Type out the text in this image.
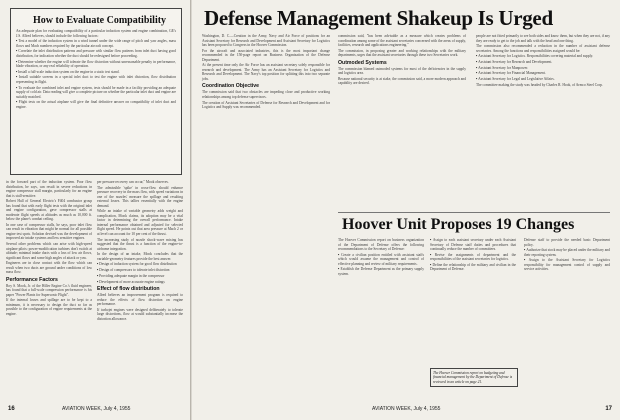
How to Evaluate Compatibility

An adequate plan for evaluating compatibility of a particular induction system and engine combination, GE's J.S. Allred believes, should include the following factors:

• Test a model of the induction system in a wind tunnel under the wide range of pitch and yaw angles, mass flows and Mach numbers required by the particular aircraft concept.

• Correlate the inlet distribution patterns and pressure with similar flow patterns from inlet duct having good distribution, for indication whether the duct should be redesigned before proceeding.

• Determine whether the engine will tolerate the flow distortion without unreasonable penalty in performance, blade vibration, or any real reliability of operation.

• Install a full-scale induction system on the engine in a static test stand.

• Install suitable screens in a special inlet duct to test the engine with inlet distortion, flow distribution representing in flight.

• To evaluate the combined inlet and engine system, tests should be made in a facility providing an adequate supply of cold air. Data reading will give a complete picture on whether the particular inlet duct and engine are suitably matched.

• Flight tests on the actual airplane will give the final definitive answer on compatibility of inlet duct and engine.

in the forward part of the induction system. Poor flow distribution, he says, can result in severe reductions in engine compressor stall margin, particularly for an engine that is stall-sensitive.

Robert Hall of General Electric's F404 combustor group has found that with early flight tests with the original inlet and engine configuration, gave compressor stalls at moderate flight speeds at altitudes as much as 10,000 ft. below the plane's combat ceiling.

In one case of compressor stalls, he says, poor inlet flow can result in vibration that might be normal for all possible engine test spots. Solution devised was the development of improved air intake systems and less sensitive engines.

Several other problems which can arise with high-speed airplane pilots: power-modification turbines don't switch at altitude; minimal intake ducts with a loss of low air flows, significant flows and some high angles of attack or yaw.

Engineers are in close contact with the flow which can result when two ducts are ground under conditions of low mass flow.

Performance Factors

Roy S. Mook, Jr. of the Hiller Engine Co.'s fluid engineer, has found that a full-scale compression performance is his paper "Power Plants for Supersonic Flight".

If the internal losses and spillage are to be kept to a minimum, it is necessary to design the duct so far as possible to the configuration of engine requirements at the engine.

per pressure recovery can occur," Mook observes.

The admissible 'spike' in cross-flow should enhance pressure recovery in the mass flow, with speed variations in one of the nozzles' measure the spillage and resulting external losses. This tallies essentially with the engine demand.

While an intake of variable geometry adds weight and complication, Mook claims, its adoption may be a vital factor in determining the overall performance. Intake internal performance obtained and adjusted for selected flight speed. He points out that area pressure at Mach 2 or at level can account for 10 per cent of the thrust.

The increasing study of nozzle shock-wave mixing has suggested that the thrust is a function of the engine-to-airframe integration.

In the design of an intake, Mook concludes that the variable-geometry features provide the best answer.

• Design of induction system for good flow distribution

• Design of compressors to tolerate inlet distortion

• Providing adequate margin in the compressor

• Development of more accurate engine ratings

Effect of flow distribution

Allred believes an improvement program is required to reduce the effects of flow distortion on engine performance.

If turbojet engines were designed deliberately to tolerate large distortions, flow at would substantially increase the distortion allowance.

16	AVIATION WEEK, July 4, 1955
Defense Management Shakeup Is Urged

Washington, D. C.—Creation in the Army, Navy and Air Force of positions for an Assistant Secretary for Research and Development and Assistant Secretary for Logistics has been proposed to Congress in the Hoover Commission.

For the aircraft and associated industries, this is the most important change recommended in the 150-page report on Business Organization of the Defense Department.

At the present time only the Air Force has an assistant secretary solely responsible for research and development. The Army has an Assistant Secretary for Logistics and Research and Development. The Navy's top position for splitting this into two separate jobs.

Coordination Objective

The commission said that two obstacles are impeding close and productive working relationships among top defense supervisors.

The creation of Assistant Secretaries of Defense for Research and Development and for Logistics and Supply was recommended.

commission said, "has been advisable as a measure which creates problems of coordination among some of the assistant secretaries concerned with the areas of supply, facilities, research and applications engineering."

The commission, in proposing greater and working relationships with the military departments, urges that the assistant secretaries through these two Secretaries work.

Outmoded Systems

The commission blamed outmoded systems for most of the deficiencies in the supply and logistics area.

Because national security is at stake, the commission said, a more modern approach and capability are desired.

people are not fitted primarily to see both sides and know them, but when they are not, if any they are ready to get to the job and talk with the head and one thing.

The commission also recommended a reduction in the number of assistant defense secretaries. Among the functions and responsibilities assigned would be:

• Assistant Secretary for Logistics. Responsibilities covering material and supply.

• Assistant Secretary for Research and Development.

• Assistant Secretary for Manpower.

• Assistant Secretary for Financial Management.

• Assistant Secretary for Legal and Legislative Affairs.

The committee making the study was headed by Charles R. Hook, of Armco Steel Corp.

Hoover Unit Proposes 19 Changes

The Hoover Commission report on business organization of the Department of Defense offers the following recommendations to the Secretary of Defense:

• Create a civilian position entitled with assistant staffs which would assume the management and control of effective planning and review of military requirements.

• Establish the Defense Department as the primary supply system.

• Assign to each assistant secretary under each Assistant Secretary of Defense staff duties and procedures that continually reduce the number of committees.

• Revise the assignments of department and the responsibilities of the assistant secretaries for logistics.

• Define the relationship of the military and civilian in the Department of Defense.

Defense staff to provide the needed basic Department policy.

• Authorize that stock may be placed under the military and their reporting system.

• Assign to the Assistant Secretary for Logistics responsibility for management control of supply and service activities.

The Hoover Commission report on budgeting and financial management by the Department of Defense is reviewed in an article on page 21.
AVIATION WEEK, July 4, 1955	17
